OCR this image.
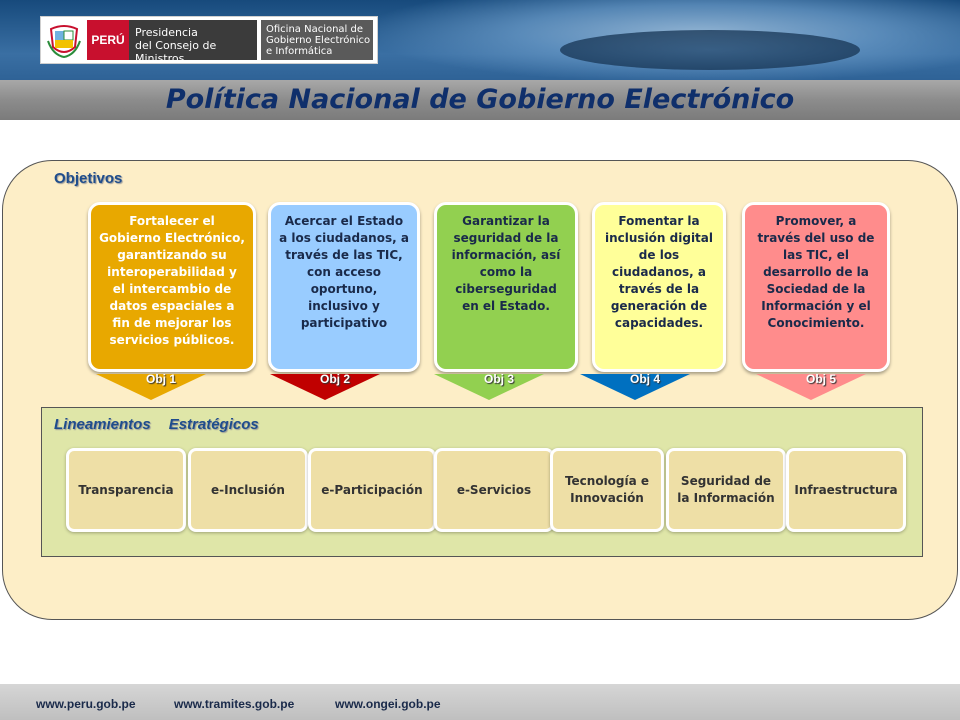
PERÚ
Presidencia
del Consejo de Ministros
Oficina Nacional de
Gobierno Electrónico
e Informática
Política Nacional de Gobierno Electrónico
Objetivos
Fortalecer el Gobierno Electrónico, garantizando su interoperabilidad y el intercambio de datos espaciales a fin de mejorar los servicios públicos.
Acercar el Estado a los ciudadanos, a través de las TIC, con acceso oportuno, inclusivo y participativo
Garantizar la seguridad de la información, así como la ciberseguridad en el Estado.
Fomentar la inclusión digital de los ciudadanos, a través de la generación de capacidades.
Promover, a través del uso de las TIC, el desarrollo de la Sociedad de la Información y el Conocimiento.
Obj 1	Obj 2	Obj 3	Obj 4	Obj 5
Lineamientos Estratégicos
Transparencia	e-Inclusión	e-Participación	e-Servicios
Tecnología e Innovación
Seguridad de la Información
Infraestructura
www.peru.gob.pe	www.tramites.gob.pe	www.ongei.gob.pe
